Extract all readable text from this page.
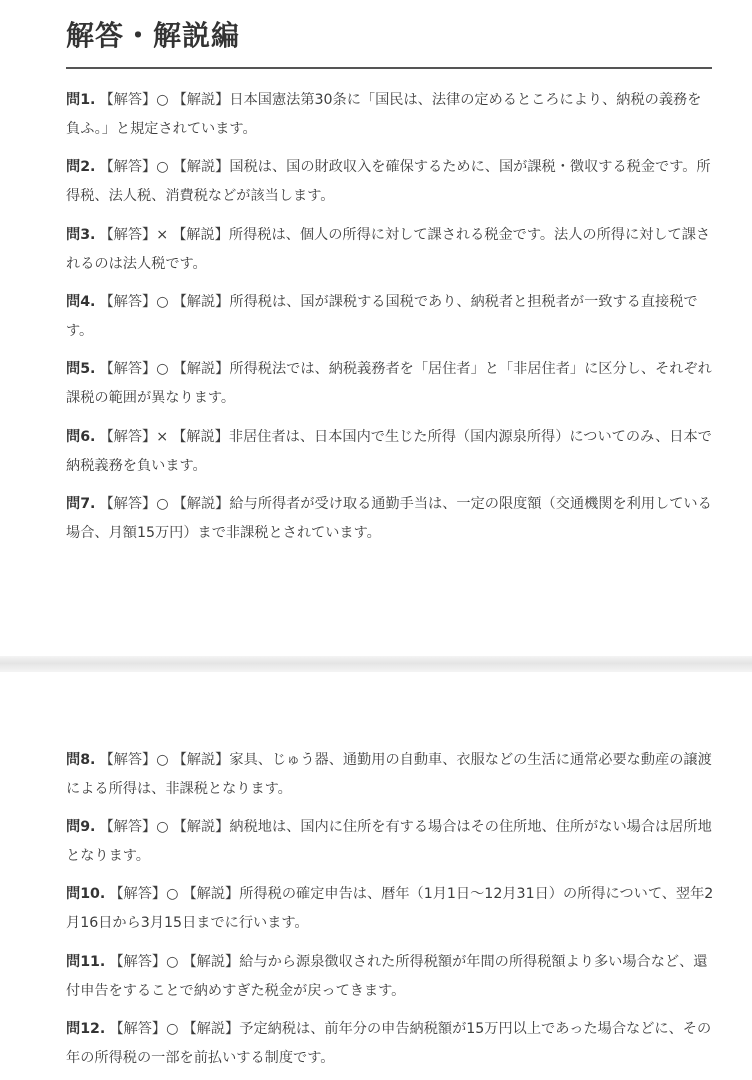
解答・解説編
問1. 【解答】○ 【解説】日本国憲法第30条に「国民は、法律の定めるところにより、納税の義務を負ふ。」と規定されています。
問2. 【解答】○ 【解説】国税は、国の財政収入を確保するために、国が課税・徴収する税金です。所得税、法人税、消費税などが該当します。
問3. 【解答】× 【解説】所得税は、個人の所得に対して課される税金です。法人の所得に対して課されるのは法人税です。
問4. 【解答】○ 【解説】所得税は、国が課税する国税であり、納税者と担税者が一致する直接税です。
問5. 【解答】○ 【解説】所得税法では、納税義務者を「居住者」と「非居住者」に区分し、それぞれ課税の範囲が異なります。
問6. 【解答】× 【解説】非居住者は、日本国内で生じた所得（国内源泉所得）についてのみ、日本で納税義務を負います。
問7. 【解答】○ 【解説】給与所得者が受け取る通勤手当は、一定の限度額（交通機関を利用している場合、月額15万円）まで非課税とされています。
問8. 【解答】○ 【解説】家具、じゅう器、通勤用の自動車、衣服などの生活に通常必要な動産の譲渡による所得は、非課税となります。
問9. 【解答】○ 【解説】納税地は、国内に住所を有する場合はその住所地、住所がない場合は居所地となります。
問10. 【解答】○ 【解説】所得税の確定申告は、暦年（1月1日～12月31日）の所得について、翌年2月16日から3月15日までに行います。
問11. 【解答】○ 【解説】給与から源泉徴収された所得税額が年間の所得税額より多い場合など、還付申告をすることで納めすぎた税金が戻ってきます。
問12. 【解答】○ 【解説】予定納税は、前年分の申告納税額が15万円以上であった場合などに、その年の所得税の一部を前払いする制度です。
